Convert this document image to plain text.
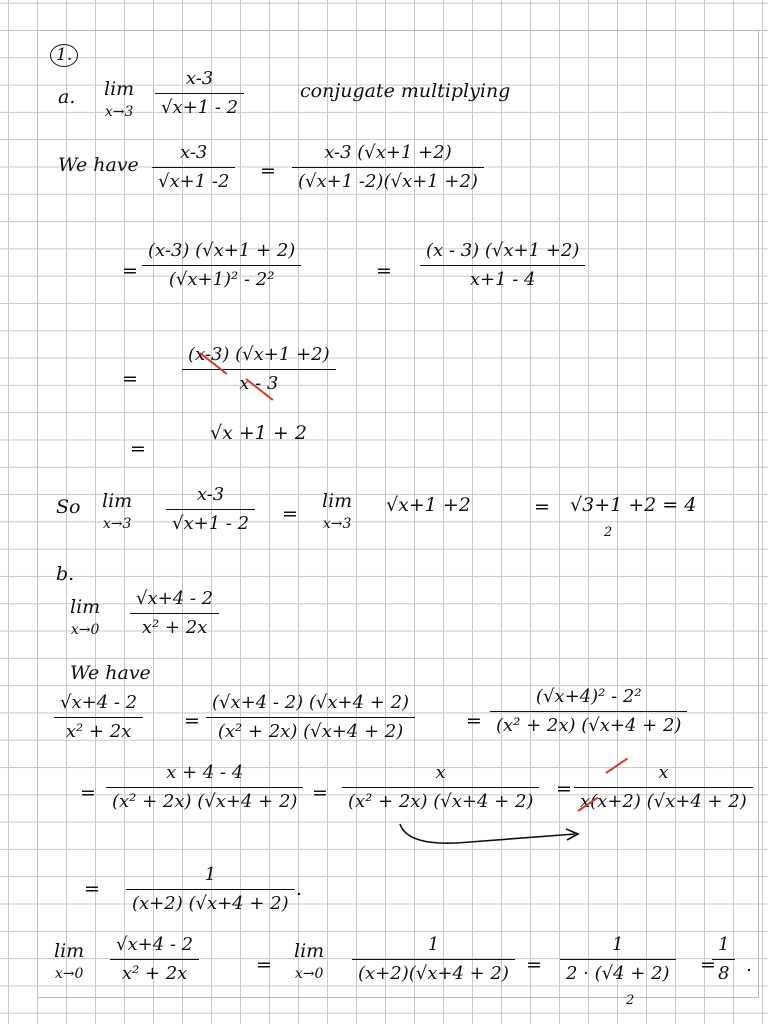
1.
a. lim
x→3
x-3
√x+1 - 2
conjugate multiplying
We have
x-3
√x+1 -2	=
x-3 (√x+1 +2)
(√x+1 -2)(√x+1 +2)
=
(x-3) (√x+1 + 2)
(√x+1)² - 2²	=
(x - 3) (√x+1 +2)
x+1 - 4
=
(x-3) (√x+1 +2)
x - 3
=
√x +1 + 2
So lim
x→3
x-3
√x+1 - 2	=
lim
x→3
√x+1 +2	= √3+1 +2 = 4
2
b.
lim
x→0
√x+4 - 2
x² + 2x
We have
√x+4 - 2
x² + 2x	=
(√x+4 - 2) (√x+4 + 2)
(x² + 2x) (√x+4 + 2)	=
(√x+4)² - 2²
(x² + 2x) (√x+4 + 2)
=
x + 4 - 4
(x² + 2x) (√x+4 + 2) =
x
(x² + 2x) (√x+4 + 2)
=
x
x(x+2) (√x+4 + 2)
=
1
(x+2) (√x+4 + 2)
.
lim
x→0
√x+4 - 2
x² + 2x	=
lim
x→0
1
(x+2)(√x+4 + 2) =
1
2 · (√4 + 2)
2
=
1
8 .
